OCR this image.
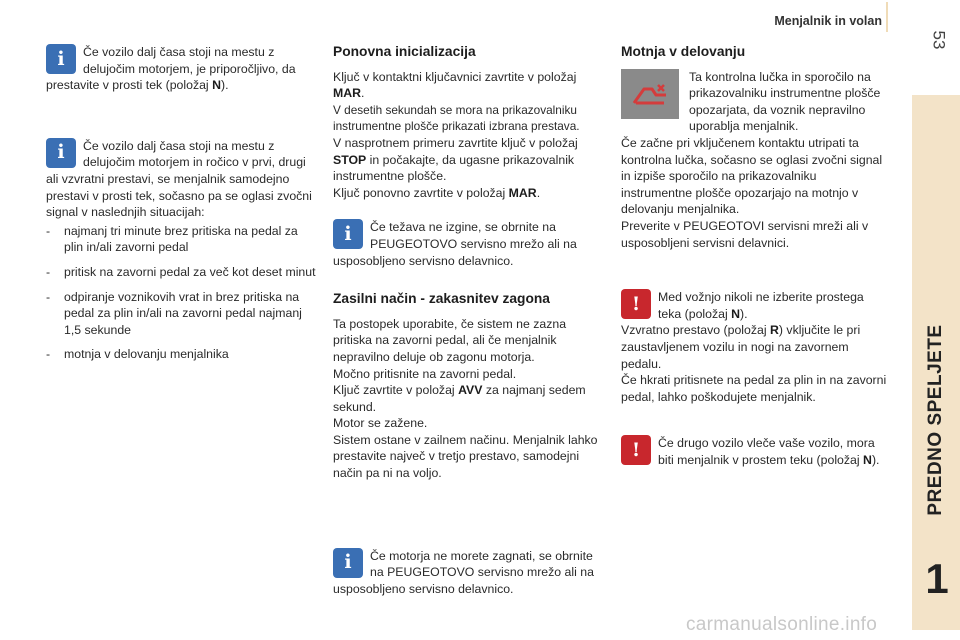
Menjalnik in volan
53
PREDNO SPELJETE
1
i	Če vozilo dalj časa stoji na mestu z delujočim motorjem, je priporočljivo, da prestavite v prosti tek (položaj N).

i	Če vozilo dalj časa stoji na mestu z delujočim motorjem in ročico v prvi, drugi ali vzvratni prestavi, se menjalnik samodejno prestavi v prosti tek, sočasno pa se oglasi zvočni signal v naslednjih situacijah:

- najmanj tri minute brez pritiska na pedal za plin in/ali zavorni pedal
- pritisk na zavorni pedal za več kot deset minut
- odpiranje voznikovih vrat in brez pritiska na pedal za plin in/ali na zavorni pedal najmanj 1,5 sekunde
- motnja v delovanju menjalnika
Ponovna inicializacija

Ključ v kontaktni ključavnici zavrtite v položaj MAR.

V desetih sekundah se mora na prikazovalniku instrumentne plošče prikazati izbrana prestava.

V nasprotnem primeru zavrtite ključ v položaj STOP in počakajte, da ugasne prikazovalnik instrumentne plošče.

Ključ ponovno zavrtite v položaj MAR.

i	Če težava ne izgine, se obrnite na PEUGEOTOVO servisno mrežo ali na usposobljeno servisno delavnico.

Zasilni način - zakasnitev zagona

Ta postopek uporabite, če sistem ne zazna pritiska na zavorni pedal, ali če menjalnik nepravilno deluje ob zagonu motorja.

Močno pritisnite na zavorni pedal.

Ključ zavrtite v položaj AVV za najmanj sedem sekund.

Motor se zažene.

Sistem ostane v zailnem načinu. Menjalnik lahko prestavite največ v tretjo prestavo, samodejni način pa ni na voljo.

i	Če motorja ne morete zagnati, se obrnite na PEUGEOTOVO servisno mrežo ali na usposobljeno servisno delavnico.

Motnja v delovanju

Ta kontrolna lučka in sporočilo na prikazovalniku instrumentne plošče opozarjata, da voznik nepravilno uporablja menjalnik.

Če začne pri vključenem kontaktu utripati ta kontrolna lučka, sočasno se oglasi zvočni signal in izpiše sporočilo na prikazovalniku instrumentne plošče opozarjajo na motnjo v delovanju menjalnika.

Preverite v PEUGEOTOVI servisni mreži ali v usposobljeni servisni delavnici.

!	Med vožnjo nikoli ne izberite prostega teka (položaj N).

Vzvratno prestavo (položaj R) vključite le pri zaustavljenem vozilu in nogi na zavornem pedalu.

Če hkrati pritisnete na pedal za plin in na zavorni pedal, lahko poškodujete menjalnik.

!	Če drugo vozilo vleče vaše vozilo, mora biti menjalnik v prostem teku (položaj N).

carmanualsonline.info
